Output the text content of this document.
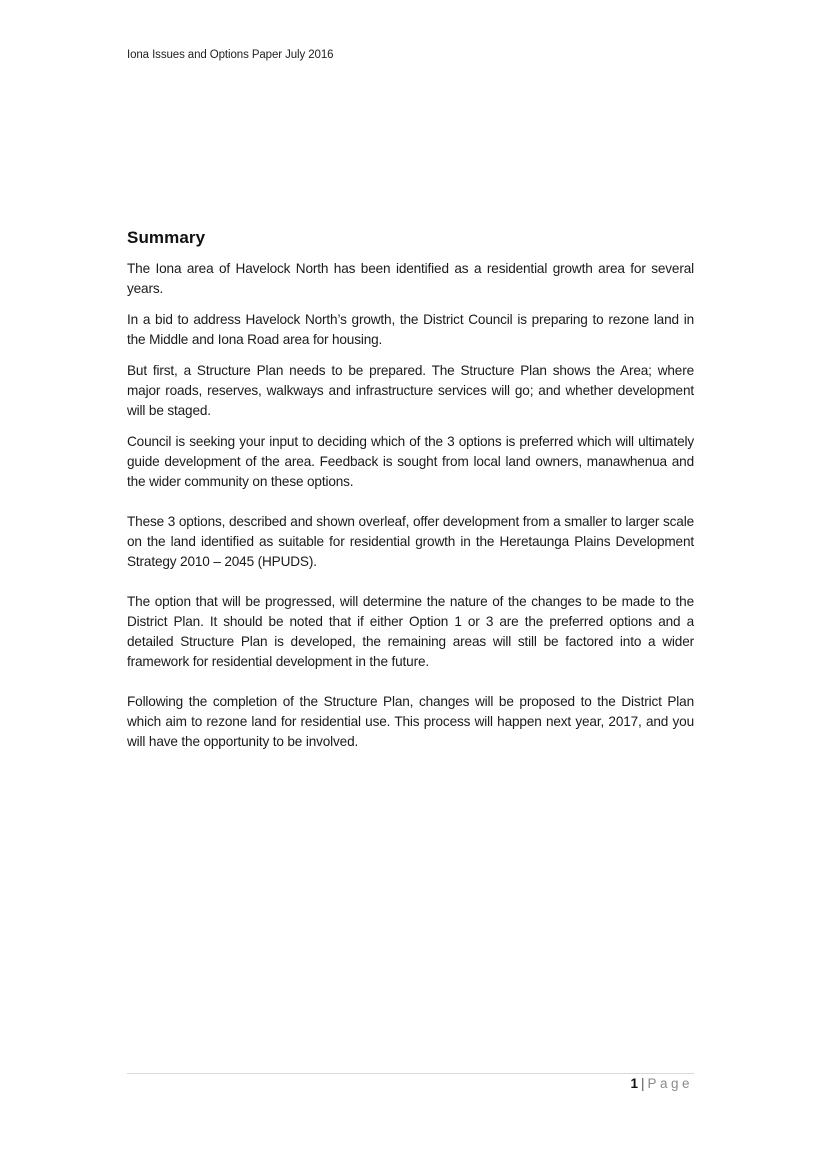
Iona Issues and Options Paper July 2016
Summary

The Iona area of Havelock North has been identified as a residential growth area for several years.

In a bid to address Havelock North’s growth, the District Council is preparing to rezone land in the Middle and Iona Road area for housing.

But first, a Structure Plan needs to be prepared. The Structure Plan shows the Area; where major roads, reserves, walkways and infrastructure services will go; and whether development will be staged.

Council is seeking your input to deciding which of the 3 options is preferred which will ultimately guide development of the area. Feedback is sought from local land owners, manawhenua and the wider community on these options.

These 3 options, described and shown overleaf, offer development from a smaller to larger scale on the land identified as suitable for residential growth in the Heretaunga Plains Development Strategy 2010 – 2045 (HPUDS).

The option that will be progressed, will determine the nature of the changes to be made to the District Plan. It should be noted that if either Option 1 or 3 are the preferred options and a detailed Structure Plan is developed, the remaining areas will still be factored into a wider framework for residential development in the future.

Following the completion of the Structure Plan, changes will be proposed to the District Plan which aim to rezone land for residential use. This process will happen next year, 2017, and you will have the opportunity to be involved.

1 | Page
